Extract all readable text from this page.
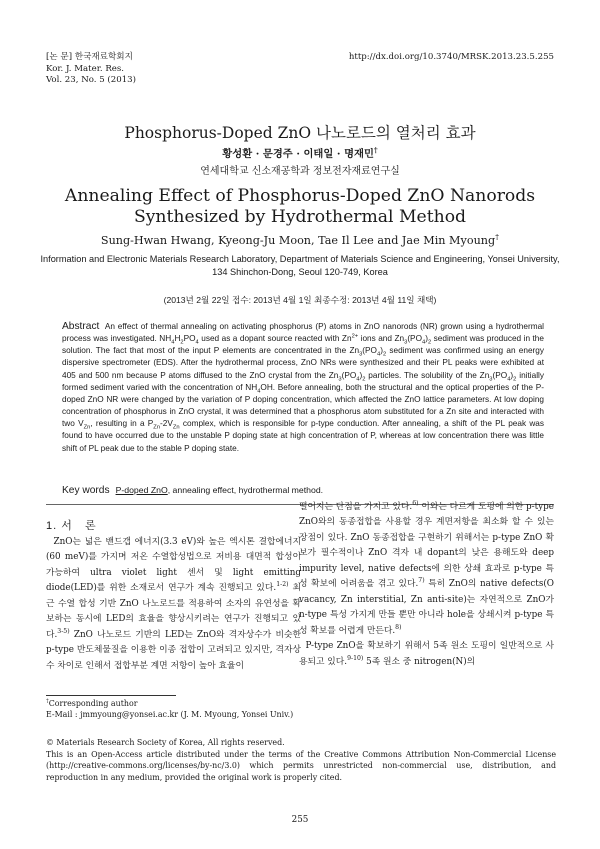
[논 문] 한국재료학회지
Kor. J. Mater. Res.
Vol. 23, No. 5 (2013)
http://dx.doi.org/10.3740/MRSK.2013.23.5.255
Phosphorus-Doped ZnO 나노로드의 열처리 효과
황성환 · 문경주 · 이태일 · 명재민†
연세대학교 신소재공학과 정보전자재료연구실
Annealing Effect of Phosphorus-Doped ZnO Nanorods Synthesized by Hydrothermal Method
Sung-Hwan Hwang, Kyeong-Ju Moon, Tae Il Lee and Jae Min Myoung†
Information and Electronic Materials Research Laboratory, Department of Materials Science and Engineering, Yonsei University, 134 Shinchon-Dong, Seoul 120-749, Korea
(2013년 2월 22일 접수: 2013년 4월 1일 최종수정: 2013년 4월 11일 채택)

Abstract An effect of thermal annealing on activating phosphorus (P) atoms in ZnO nanorods (NR) grown using a hydrothermal process was investigated. $NH_4H_2PO_4$ used as a dopant source reacted with $Zn^{2+}$ ions and $Zn_3(PO_4)_2$ sediment was produced in the solution. The fact that most of the input P elements are concentrated in the $Zn_3(PO_4)_2$ sediment was confirmed using an energy dispersive spectrometer (EDS). After the hydrothermal process, ZnO NRs were synthesized and their PL peaks were exhibited at 405 and 500 nm because P atoms diffused to the ZnO crystal from the $Zn_3(PO_4)_2$ particles. The solubility of the $Zn_3(PO_4)_2$ initially formed sediment varied with the concentration of $NH_4OH$. Before annealing, both the structural and the optical properties of the P-doped ZnO NR were changed by the variation of P doping concentration, which affected the ZnO lattice parameters. At low doping concentration of phosphorus in ZnO crystal, it was determined that a phosphorus atom substituted for a Zn site and interacted with two $V_{Zn}$, resulting in a $P_{Zn}-2V_{Zn}$ complex, which is responsible for p-type conduction. After annealing, a shift of the PL peak was found to have occurred due to the unstable P doping state at high concentration of P, whereas at low concentration there was little shift of PL peak due to the stable P doping state.

Key words P-doped ZnO, annealing effect, hydrothermal method.
1. 서   론

ZnO는 넓은 밴드갭 에너지(3.3 eV)와 높은 엑시톤 결합에너지(60 meV)를 가지며 저온 수열합성법으로 저비용 대면적 합성이 가능하여 ultra violet light 센서 및 light emitting diode(LED)를 위한 소재로서 연구가 계속 진행되고 있다.$^{1-2)}$ 최근 수열 합성 기반 ZnO 나노로드를 적용하여 소자의 유연성을 확보하는 동시에 LED의 효율을 향상시키려는 연구가 진행되고 있다.$^{3-5)}$ ZnO 나노로드 기반의 LED는 ZnO와 격자상수가 비슷한 p-type 반도체물질을 이용한 이종 접합이 고려되고 있지만, 격자상수 차이로 인해서 접합부분 계면 저항이 높아 효율이

떨어지는 단점을 가지고 있다.$^{6)}$ 이와는 다르게 도핑에 의한 p-type ZnO와의 동종접합을 사용할 경우 계면저항을 최소화 할 수 있는 장점이 있다. ZnO 동종접합을 구현하기 위해서는 p-type ZnO 확보가 필수적이나 ZnO 격자 내 dopant의 낮은 용해도와 deep impurity level, native defects에 의한 상쇄 효과로 p-type 특성 확보에 어려움을 겪고 있다.$^{7)}$ 특히 ZnO의 native defects(O vacancy, Zn interstitial, Zn anti-site)는 자연적으로 ZnO가 n-type 특성 가지게 만들 뿐만 아니라 hole을 상쇄시켜 p-type 특성 확보를 어렵게 만든다.$^{8)}$
P-type ZnO을 확보하기 위해서 5족 원소 도핑이 일반적으로 사용되고 있다.$^{9-10)}$ 5족 원소 중 nitrogen(N)의

†Corresponding author
E-Mail : jmmyoung@yonsei.ac.kr (J. M. Myoung, Yonsei Univ.)

© Materials Research Society of Korea, All rights reserved.
This is an Open-Access article distributed under the terms of the Creative Commons Attribution Non-Commercial License (http://creative-commons.org/licenses/by-nc/3.0) which permits unrestricted non-commercial use, distribution, and reproduction in any medium, provided the original work is properly cited.

255
